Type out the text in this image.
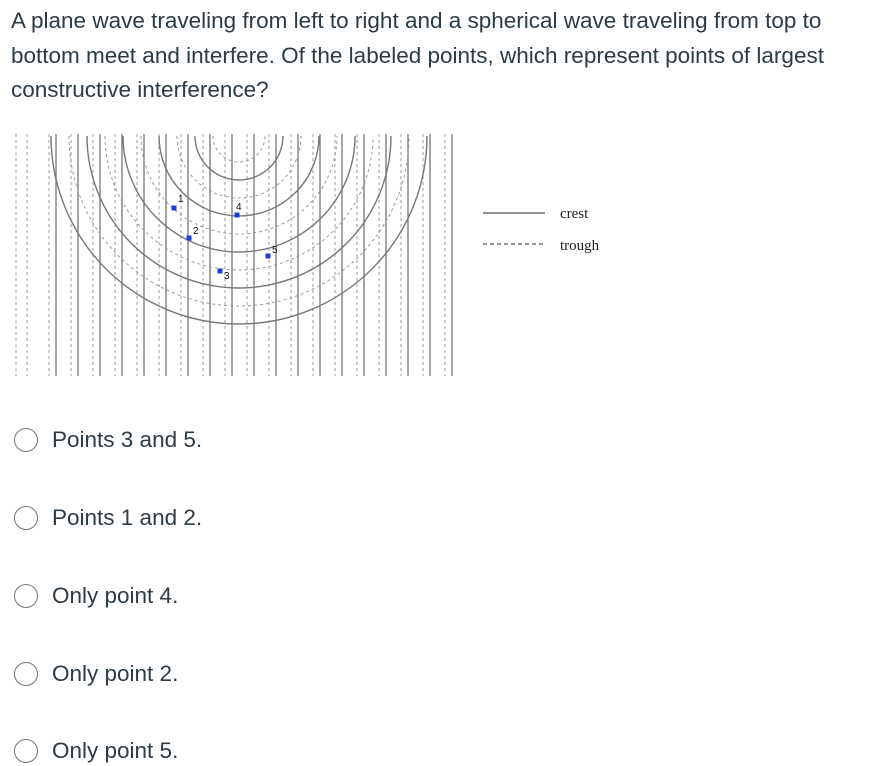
A plane wave traveling from left to right and a spherical wave traveling from top to bottom meet and interfere. Of the labeled points, which represent points of largest constructive interference?
1
2
3
4
5
crest
trough
Points 3 and 5.
Points 1 and 2.
Only point 4.
Only point 2.
Only point 5.
